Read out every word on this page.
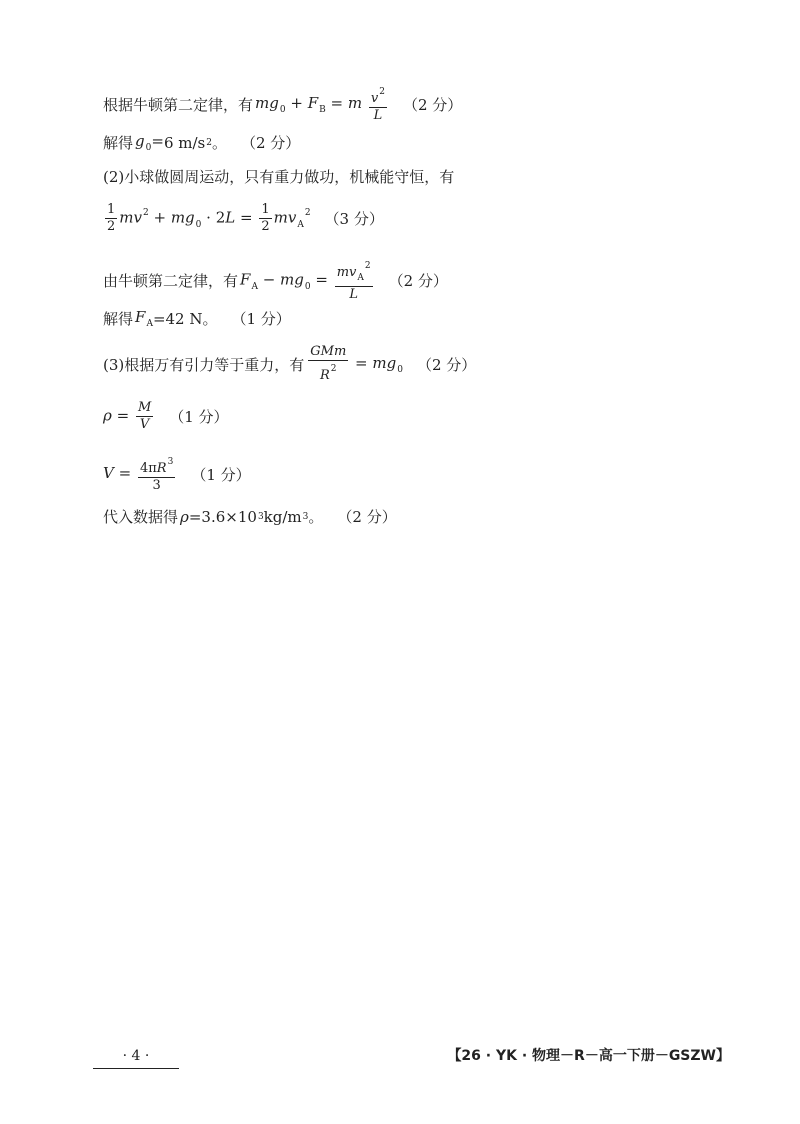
根据牛顿第二定律，有 $mg_0 + F_B = m \frac{v^2}{L} (2$ 分）
解得 $g_0= 6$ m/s 2 。 （2 分）
(2)小球做圆周运动，只有重力做功，机械能守恒，有
$\frac{1}{2} mv^2 + mg_0 \cdot 2L = \frac{1}{2} mv_A^2$ （3 分）
由牛顿第二定律，有 $F_A - mg_0 = \frac{mv_A^2}{L} (2$ 分）
解得 $F_A =42$ N。 （1 分）
(3)根据万有引力等于重力，有 $\frac{\text{GMm}}{R^2} = mg_0$ （2 分）
$\rho = \frac{M}{V} (1$ 分）
$V = \frac{4\pi R^3}{3} (1$ 分）
代入数据得 ρ =3.6×10 3 kg/m 3 。 （2 分）
· 4 ·	【26 · YK · 物理－R－高一下册－GSZW】
